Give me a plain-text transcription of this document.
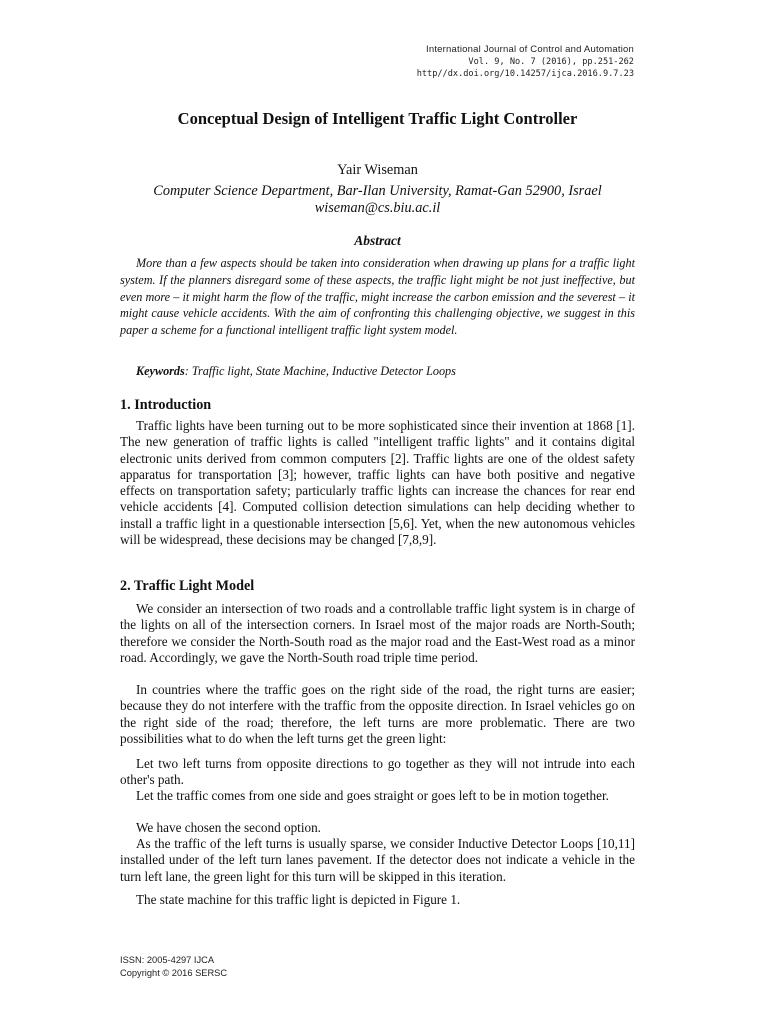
International Journal of Control and Automation
Vol. 9, No. 7 (2016), pp.251-262
http//dx.doi.org/10.14257/ijca.2016.9.7.23
Conceptual Design of Intelligent Traffic Light Controller
Yair Wiseman
Computer Science Department, Bar-Ilan University, Ramat-Gan 52900, Israel
wiseman@cs.biu.ac.il
Abstract

More than a few aspects should be taken into consideration when drawing up plans for a traffic light system. If the planners disregard some of these aspects, the traffic light might be not just ineffective, but even more – it might harm the flow of the traffic, might increase the carbon emission and the severest – it might cause vehicle accidents. With the aim of confronting this challenging objective, we suggest in this paper a scheme for a functional intelligent traffic light system model.

Keywords: Traffic light, State Machine, Inductive Detector Loops

1. Introduction

Traffic lights have been turning out to be more sophisticated since their invention at 1868 [1]. The new generation of traffic lights is called "intelligent traffic lights" and it contains digital electronic units derived from common computers [2]. Traffic lights are one of the oldest safety apparatus for transportation [3]; however, traffic lights can have both positive and negative effects on transportation safety; particularly traffic lights can increase the chances for rear end vehicle accidents [4]. Computed collision detection simulations can help deciding whether to install a traffic light in a questionable intersection [5,6]. Yet, when the new autonomous vehicles will be widespread, these decisions may be changed [7,8,9].

2. Traffic Light Model

We consider an intersection of two roads and a controllable traffic light system is in charge of the lights on all of the intersection corners. In Israel most of the major roads are North-South; therefore we consider the North-South road as the major road and the East-West road as a minor road. Accordingly, we gave the North-South road triple time period.

In countries where the traffic goes on the right side of the road, the right turns are easier; because they do not interfere with the traffic from the opposite direction. In Israel vehicles go on the right side of the road; therefore, the left turns are more problematic. There are two possibilities what to do when the left turns get the green light:

Let two left turns from opposite directions to go together as they will not intrude into each other's path.

Let the traffic comes from one side and goes straight or goes left to be in motion together.

We have chosen the second option.

As the traffic of the left turns is usually sparse, we consider Inductive Detector Loops [10,11] installed under of the left turn lanes pavement. If the detector does not indicate a vehicle in the turn left lane, the green light for this turn will be skipped in this iteration.

The state machine for this traffic light is depicted in Figure 1.

ISSN: 2005-4297 IJCA
Copyright © 2016 SERSC
